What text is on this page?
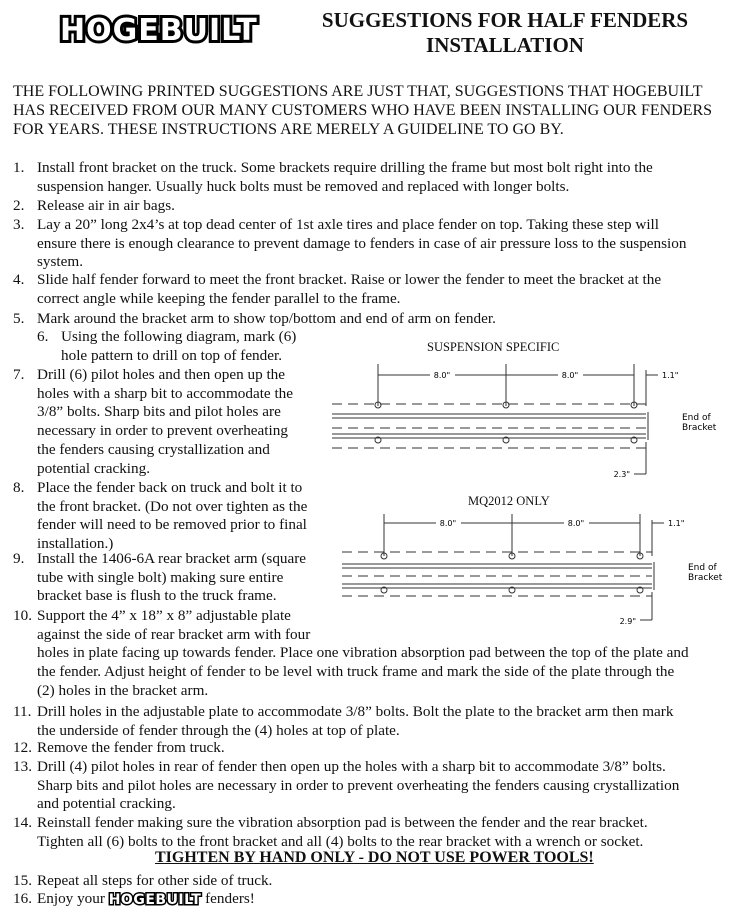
HOGEBUILT	SUGGESTIONS FOR HALF FENDERS
INSTALLATION
THE FOLLOWING PRINTED SUGGESTIONS ARE JUST THAT, SUGGESTIONS THAT HOGEBUILT HAS RECEIVED FROM OUR MANY CUSTOMERS WHO HAVE BEEN INSTALLING OUR FENDERS FOR YEARS. THESE INSTRUCTIONS ARE MERELY A GUIDELINE TO GO BY.
1. Install front bracket on the truck. Some brackets require drilling the frame but most bolt right into the
suspension hanger. Usually huck bolts must be removed and replaced with longer bolts.
2. Release air in air bags.
3. Lay a 20” long 2x4’s at top dead center of 1st axle tires and place fender on top. Taking these step will
ensure there is enough clearance to prevent damage to fenders in case of air pressure loss to the suspension
system.
4. Slide half fender forward to meet the front bracket. Raise or lower the fender to meet the bracket at the
correct angle while keeping the fender parallel to the frame.
5. Mark around the bracket arm to show top/bottom and end of arm on fender.
6. Using the following diagram, mark (6)
hole pattern to drill on top of fender.
7. Drill (6) pilot holes and then open up the
holes with a sharp bit to accommodate the
3/8” bolts. Sharp bits and pilot holes are
necessary in order to prevent overheating
the fenders causing crystallization and
potential cracking.
8. Place the fender back on truck and bolt it to
the front bracket. (Do not over tighten as the
fender will need to be removed prior to final
installation.)
9. Install the 1406-6A rear bracket arm (square
tube with single bolt) making sure entire
bracket base is flush to the truck frame.
10. Support the 4” x 18” x 8” adjustable plate
against the side of rear bracket arm with four
holes in plate facing up towards fender. Place one vibration absorption pad between the top of the plate and
the fender. Adjust height of fender to be level with truck frame and mark the side of the plate through the
(2) holes in the bracket arm.
11. Drill holes in the adjustable plate to accommodate 3/8” bolts. Bolt the plate to the bracket arm then mark
the underside of fender through the (4) holes at top of plate.
12. Remove the fender from truck.
13. Drill (4) pilot holes in rear of fender then open up the holes with a sharp bit to accommodate 3/8” bolts.
Sharp bits and pilot holes are necessary in order to prevent overheating the fenders causing crystallization
and potential cracking.
14. Reinstall fender making sure the vibration absorption pad is between the fender and the rear bracket.
Tighten all (6) bolts to the front bracket and all (4) bolts to the rear bracket with a wrench or socket.
15. Repeat all steps for other side of truck.
TIGHTEN BY HAND ONLY - DO NOT USE POWER TOOLS!
16. Enjoy your HOGEBUILT fenders!
SUSPENSION SPECIFIC
8.0"	8.0"	1.1"
2.3"
End of
Bracket
MQ2012 ONLY
8.0"	8.0"	1.1"
2.9"
End of
Bracket
